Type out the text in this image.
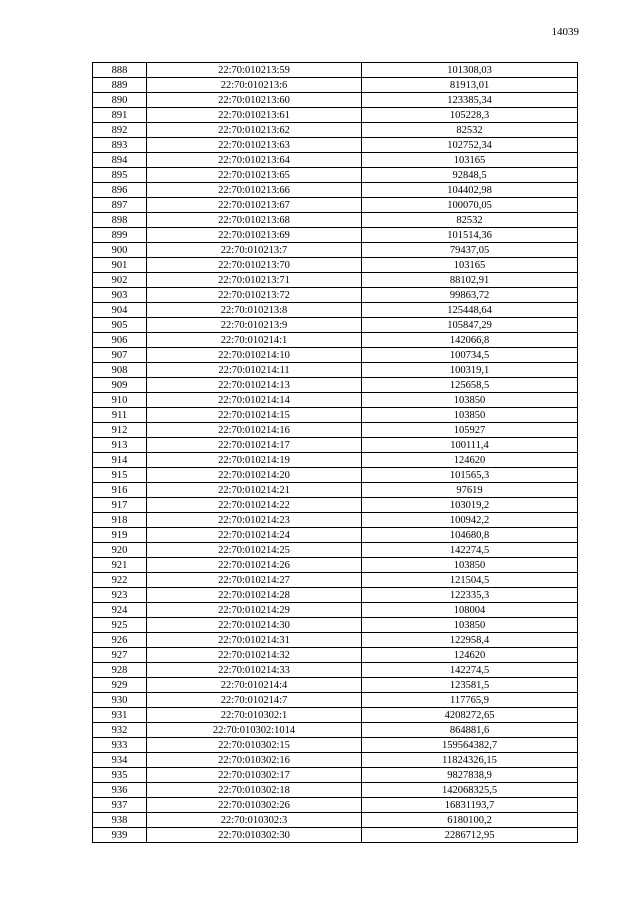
14039
888	22:70:010213:59	101308,03
889	22:70:010213:6	81913,01
890	22:70:010213:60	123385,34
891	22:70:010213:61	105228,3
892	22:70:010213:62	82532
893	22:70:010213:63	102752,34
894	22:70:010213:64	103165
895	22:70:010213:65	92848,5
896	22:70:010213:66	104402,98
897	22:70:010213:67	100070,05
898	22:70:010213:68	82532
899	22:70:010213:69	101514,36
900	22:70:010213:7	79437,05
901	22:70:010213:70	103165
902	22:70:010213:71	88102,91
903	22:70:010213:72	99863,72
904	22:70:010213:8	125448,64
905	22:70:010213:9	105847,29
906	22:70:010214:1	142066,8
907	22:70:010214:10	100734,5
908	22:70:010214:11	100319,1
909	22:70:010214:13	125658,5
910	22:70:010214:14	103850
911	22:70:010214:15	103850
912	22:70:010214:16	105927
913	22:70:010214:17	100111,4
914	22:70:010214:19	124620
915	22:70:010214:20	101565,3
916	22:70:010214:21	97619
917	22:70:010214:22	103019,2
918	22:70:010214:23	100942,2
919	22:70:010214:24	104680,8
920	22:70:010214:25	142274,5
921	22:70:010214:26	103850
922	22:70:010214:27	121504,5
923	22:70:010214:28	122335,3
924	22:70:010214:29	108004
925	22:70:010214:30	103850
926	22:70:010214:31	122958,4
927	22:70:010214:32	124620
928	22:70:010214:33	142274,5
929	22:70:010214:4	123581,5
930	22:70:010214:7	117765,9
931	22:70:010302:1	4208272,65
932	22:70:010302:1014	864881,6
933	22:70:010302:15	159564382,7
934	22:70:010302:16	11824326,15
935	22:70:010302:17	9827838,9
936	22:70:010302:18	142068325,5
937	22:70:010302:26	16831193,7
938	22:70:010302:3	6180100,2
939	22:70:010302:30	2286712,95
